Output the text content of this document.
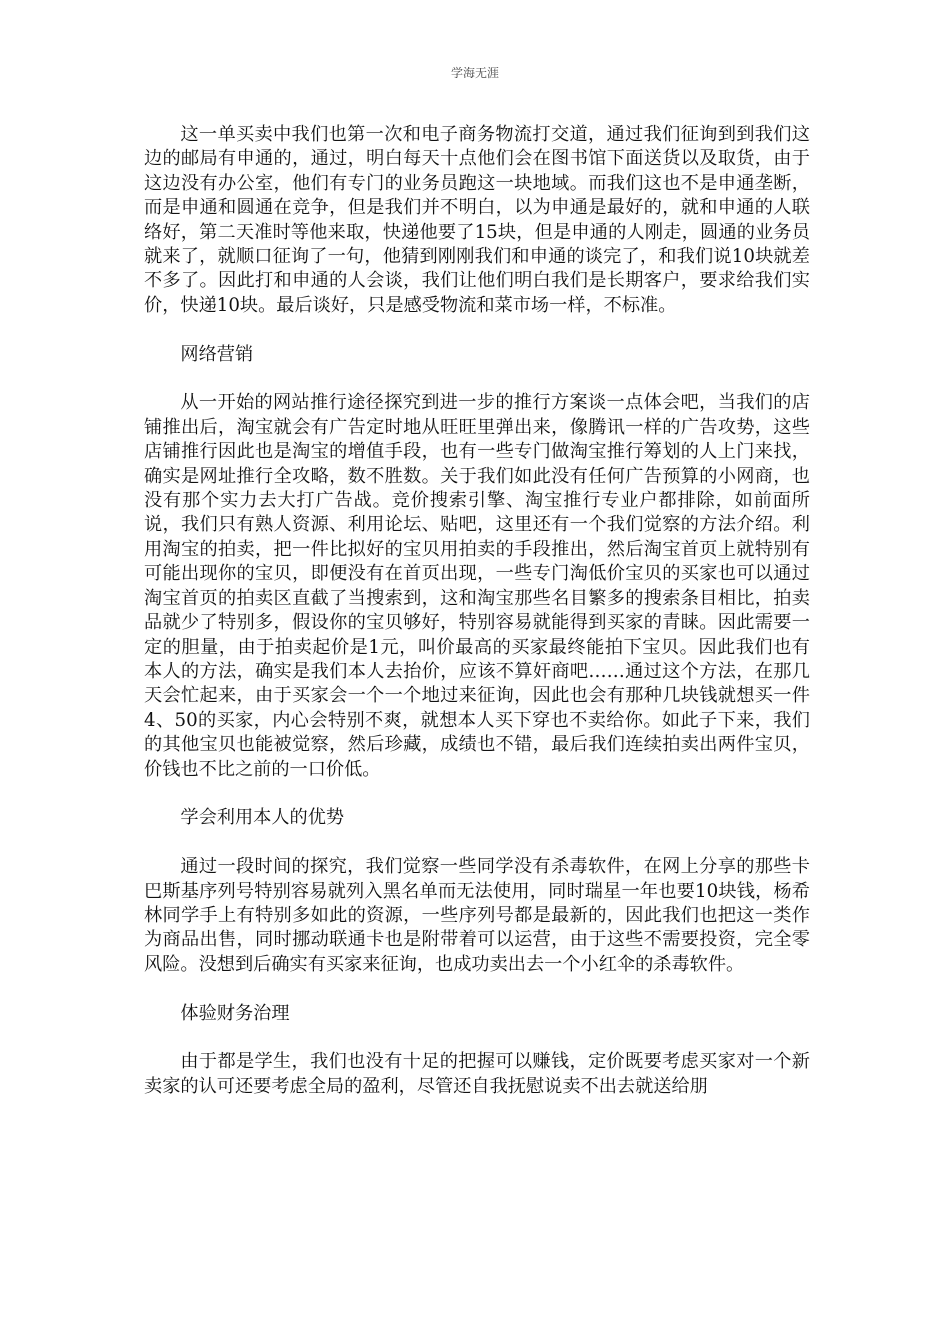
学海无涯

这一单买卖中我们也第一次和电子商务物流打交道，通过我们征询到到我们这边的邮局有申通的，通过，明白每天十点他们会在图书馆下面送货以及取货，由于这边没有办公室，他们有专门的业务员跑这一块地域。而我们这也不是申通垄断，而是申通和圆通在竞争，但是我们并不明白，以为申通是最好的，就和申通的人联络好，第二天准时等他来取，快递他要了15块，但是申通的人刚走，圆通的业务员就来了，就顺口征询了一句，他猜到刚刚我们和申通的谈完了，和我们说10块就差不多了。因此打和申通的人会谈，我们让他们明白我们是长期客户，要求给我们实价，快递10块。最后谈好，只是感受物流和菜市场一样，不标准。

网络营销

从一开始的网站推行途径探究到进一步的推行方案谈一点体会吧，当我们的店铺推出后，淘宝就会有广告定时地从旺旺里弹出来，像腾讯一样的广告攻势，这些店铺推行因此也是淘宝的增值手段，也有一些专门做淘宝推行筹划的人上门来找，确实是网址推行全攻略，数不胜数。关于我们如此没有任何广告预算的小网商，也没有那个实力去大打广告战。竞价搜索引擎、淘宝推行专业户都排除，如前面所说，我们只有熟人资源、利用论坛、贴吧，这里还有一个我们觉察的方法介绍。利用淘宝的拍卖，把一件比拟好的宝贝用拍卖的手段推出，然后淘宝首页上就特别有可能出现你的宝贝，即便没有在首页出现，一些专门淘低价宝贝的买家也可以通过淘宝首页的拍卖区直截了当搜索到，这和淘宝那些名目繁多的搜索条目相比，拍卖品就少了特别多，假设你的宝贝够好，特别容易就能得到买家的青睐。因此需要一定的胆量，由于拍卖起价是1元，叫价最高的买家最终能拍下宝贝。因此我们也有本人的方法，确实是我们本人去抬价，应该不算奸商吧……通过这个方法，在那几天会忙起来，由于买家会一个一个地过来征询，因此也会有那种几块钱就想买一件4、50的买家，内心会特别不爽，就想本人买下穿也不卖给你。如此子下来，我们的其他宝贝也能被觉察，然后珍藏，成绩也不错，最后我们连续拍卖出两件宝贝，价钱也不比之前的一口价低。

学会利用本人的优势

通过一段时间的探究，我们觉察一些同学没有杀毒软件，在网上分享的那些卡巴斯基序列号特别容易就列入黑名单而无法使用，同时瑞星一年也要10块钱，杨希林同学手上有特别多如此的资源，一些序列号都是最新的，因此我们也把这一类作为商品出售，同时挪动联通卡也是附带着可以运营，由于这些不需要投资，完全零风险。没想到后确实有买家来征询，也成功卖出去一个小红伞的杀毒软件。

体验财务治理

由于都是学生，我们也没有十足的把握可以赚钱，定价既要考虑买家对一个新卖家的认可还要考虑全局的盈利，尽管还自我抚慰说卖不出去就送给朋
